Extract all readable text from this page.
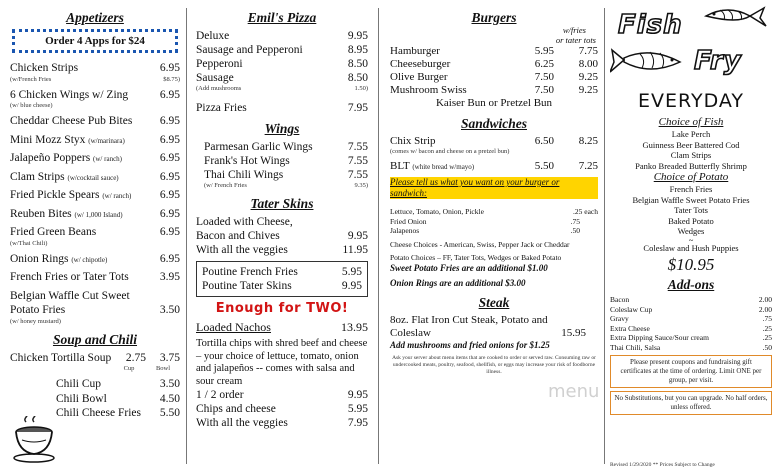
Appetizers
Order 4 Apps for $24
Chicken Strips	6.95
(w/French Fries	$8.75)
6 Chicken Wings w/ Zing	6.95
(w/ blue cheese)
Cheddar Cheese Pub Bites	6.95
Mini Mozz Styx (w/marinara)	6.95
Jalapeño Poppers (w/ ranch)	6.95
Clam Strips (w/cocktail sauce)	6.95
Fried Pickle Spears (w/ ranch)	6.95
Reuben Bites (w/ 1,000 Island)	6.95
Fried Green Beans	6.95
(w/Thai Chili)
Onion Rings (w/ chipotle)	6.95
French Fries or Tater Tots	3.95
Belgian Waffle Cut Sweet
Potato Fries	3.50
(w/ honey mustard)
Soup and Chili
Chicken Tortilla Soup	2.75	3.75
Cup	Bowl
Chili Cup	3.50
Chili Bowl	4.50
Chili Cheese Fries	5.50
Emil's Pizza
Deluxe	9.95
Sausage and Pepperoni	8.95
Pepperoni	8.50
Sausage	8.50
(Add mushrooms	1.50)
Pizza Fries	7.95
Wings
Parmesan Garlic Wings	7.55
Frank's Hot Wings	7.55
Thai Chili Wings	7.55
(w/ French Fries	9.35)
Tater Skins
Loaded with Cheese,
Bacon and Chives	9.95
With all the veggies	11.95
Poutine French Fries	5.95
Poutine Tater Skins	9.95
Enough for TWO!
Loaded Nachos	13.95
Tortilla chips with shred beef and cheese – your choice of lettuce, tomato, onion and jalapeños -- comes with salsa and sour cream
1 / 2 order	9.95
Chips and cheese	5.95
With all the veggies	7.95
Burgers
w/fries
or tater tots
Hamburger	5.95	7.75
Cheeseburger	6.25	8.00
Olive Burger	7.50	9.25
Mushroom Swiss	7.50	9.25
Kaiser Bun or Pretzel Bun
Sandwiches
Chix Strip	6.50	8.25
(comes w/ bacon and cheese on a pretzel bun)
BLT (white bread w/mayo)	5.50	7.25
Please tell us what you want on your burger or sandwich:
Lettuce, Tomato, Onion, Pickle	.25 each
Fried Onion	.75
Jalapenos	.50
Cheese Choices - American, Swiss, Pepper Jack or Cheddar
Potato Choices – FF, Tater Tots, Wedges or Baked Potato
Sweet Potato Fries are an additional $1.00
Onion Rings are an additional $3.00
Steak
8oz. Flat Iron Cut Steak, Potato and
Coleslaw	15.95
Add mushrooms and fried onions for $1.25
Ask your server about menu items that are cooked to order or served raw. Consuming raw or undercooked meats, poultry, seafood, shellfish, or eggs may increase your risk of foodborne illness.
Fish
Fry
EVERYDAY
Choice of Fish
Lake Perch
Guinness Beer Battered Cod
Clam Strips
Panko Breaded Butterfly Shrimp
Choice of Potato
French Fries
Belgian Waffle Sweet Potato Fries
Tater Tots
Baked Potato
Wedges
~
Coleslaw and Hush Puppies
$10.95
Add-ons
Bacon	2.00
Coleslaw Cup	2.00
Gravy	.75
Extra Cheese	.25
Extra Dipping Sauce/Sour cream	.25
Thai Chili, Salsa	.50
Please present coupons and fundraising gift certificates at the time of ordering. Limit ONE per group, per visit.
No Substitutions, but you can upgrade. No half orders, unless offered.
menu
Revised 1/29/2020 ** Prices Subject to Change
